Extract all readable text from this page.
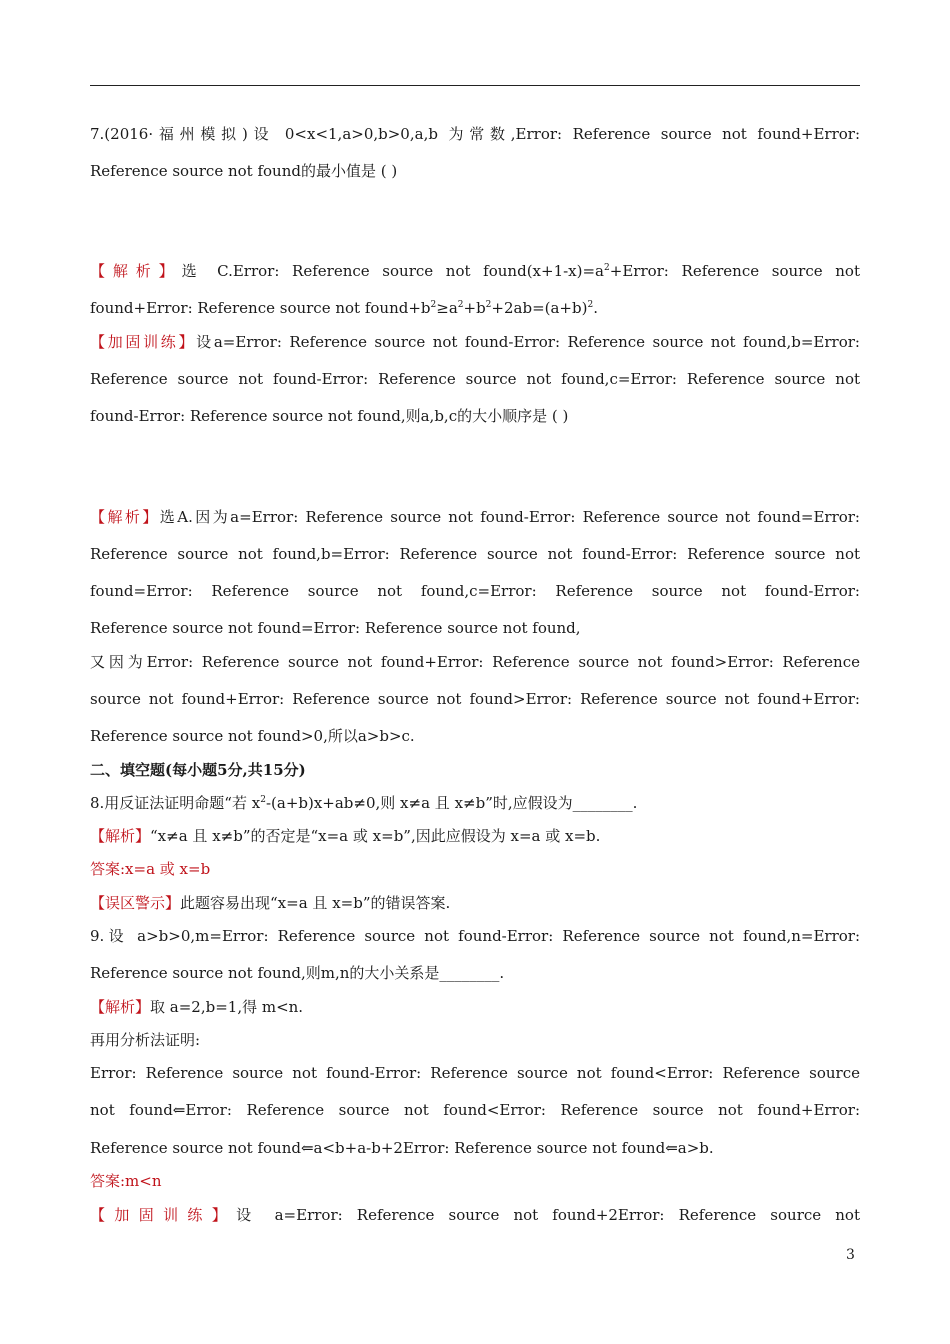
7.(2016·福州模拟)设 0<x<1,a>0,b>0,a,b 为常数,Error: Reference source not found+Error:
Reference source not found的最小值是 ( )
【解析】选 C.Error: Reference source not $found(x+1-x)=a^2+Error$: Reference source not
found+Error: Reference source not $found+b^2\ge a^2+b^2+2ab=(a+b)^2$.
【加固训练】设a=Error: Reference source not found-Error: Reference source not found,b=Error:
Reference source not found-Error: Reference source not found,c=Error: Reference source not
found-Error: Reference source not found,则a,b,c的大小顺序是 ( )
【解析】选A.因为a=Error: Reference source not found-Error: Reference source not found=Error:
Reference source not found,b=Error: Reference source not found-Error: Reference source not
found=Error: Reference source not found,c=Error: Reference source not found-Error:
Reference source not found=Error: Reference source not found,
又因为Error: Reference source not found+Error: Reference source not found>Error: Reference
source not found+Error: Reference source not found>Error: Reference source not found+Error:
Reference source not found>0,所以a>b>c.
二、填空题(每小题5分,共15分)
8.用反证法证明命题“若 $x^2-(a+b)x+ab\ne 0$,则 x≠a 且 x≠b”时,应假设为________.
【解析】“x≠a 且 x≠b”的否定是“x=a 或 x=b”,因此应假设为 x=a 或 x=b.
答案:x=a 或 x=b
【误区警示】此题容易出现“x=a 且 x=b”的错误答案.
9.设 a>b>0,m=Error: Reference source not found-Error: Reference source not found,n=Error:
Reference source not found,则m,n的大小关系是________.
【解析】取 a=2,b=1,得 m<n.
再用分析法证明:
Error: Reference source not found-Error: Reference source not found<Error: Reference source
not found⇐Error: Reference source not found<Error: Reference source not found+Error:
Reference source not found⇐a<b+a-b+2Error: Reference source not found⇐a>b.
答案:m<n
【加固训练】设 a=Error: Reference source not found+2Error: Reference source not
3
